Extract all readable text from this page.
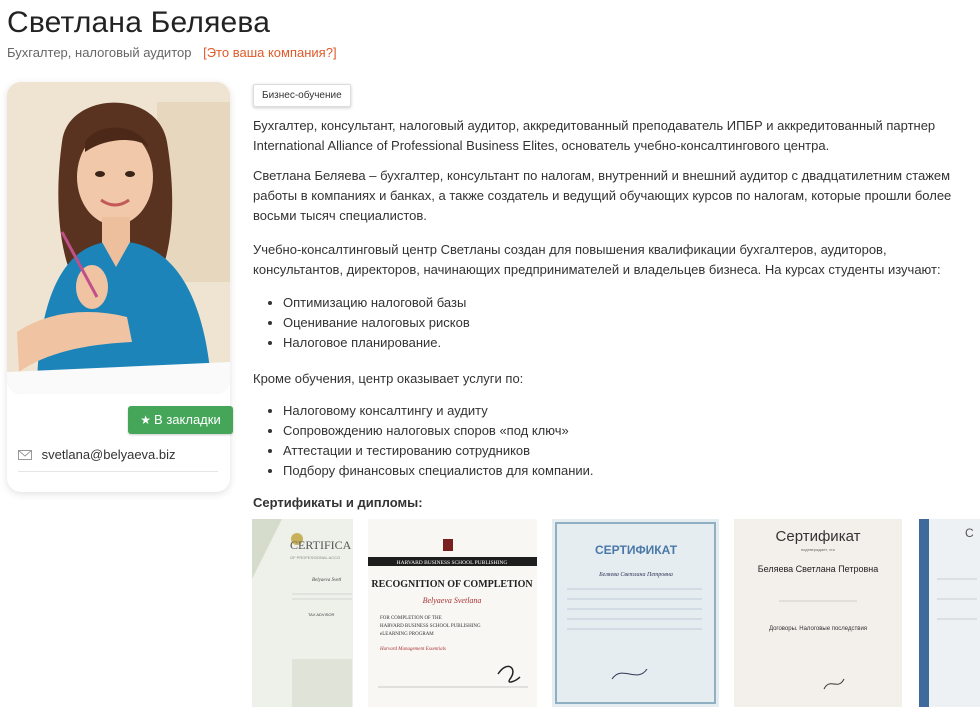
Светлана Беляева
Бухгалтер, налоговый аудитор [Это ваша компания?]
svetlana@belyaeva.biz
★ В закладки
Бизнес-обучение

Бухгалтер, консультант, налоговый аудитор, аккредитованный преподаватель ИПБР и аккредитованный партнер International Alliance of Professional Business Elites, основатель учебно-консалтингового центра.

Светлана Беляева – бухгалтер, консультант по налогам, внутренний и внешний аудитор с двадцатилетним стажем работы в компаниях и банках, а также создатель и ведущий обучающих курсов по налогам, которые прошли более восьми тысяч специалистов.

Учебно-консалтинговый центр Светланы создан для повышения квалификации бухгалтеров, аудиторов, консультантов, директоров, начинающих предпринимателей и владельцев бизнеса. На курсах студенты изучают:

• Оптимизацию налоговой базы
• Оценивание налоговых рисков
• Налоговое планирование.

Кроме обучения, центр оказывает услуги по:

• Налоговому консалтингу и аудиту
• Сопровождению налоговых споров «под ключ»
• Аттестации и тестированию сотрудников
• Подбору финансовых специалистов для компании.
Сертификаты и дипломы:
CERTIFICA
OF PROFESSIONAL ACCO
Belyaeva Svetl
TAX ADVISOR
HARVARD BUSINESS SCHOOL PUBLISHING
RECOGNITION OF COMPLETION
Belyaeva Svetlana
FOR COMPLETION OF THE
HARVARD BUSINESS SCHOOL PUBLISHING
eLEARNING PROGRAM
Harvard Management Essentials
СЕРТИФИКАТ
Беляева Светлана Петровна
Сертификат
подтверждает, что
Беляева Светлана Петровна
Договоры. Налоговые последствия
С
